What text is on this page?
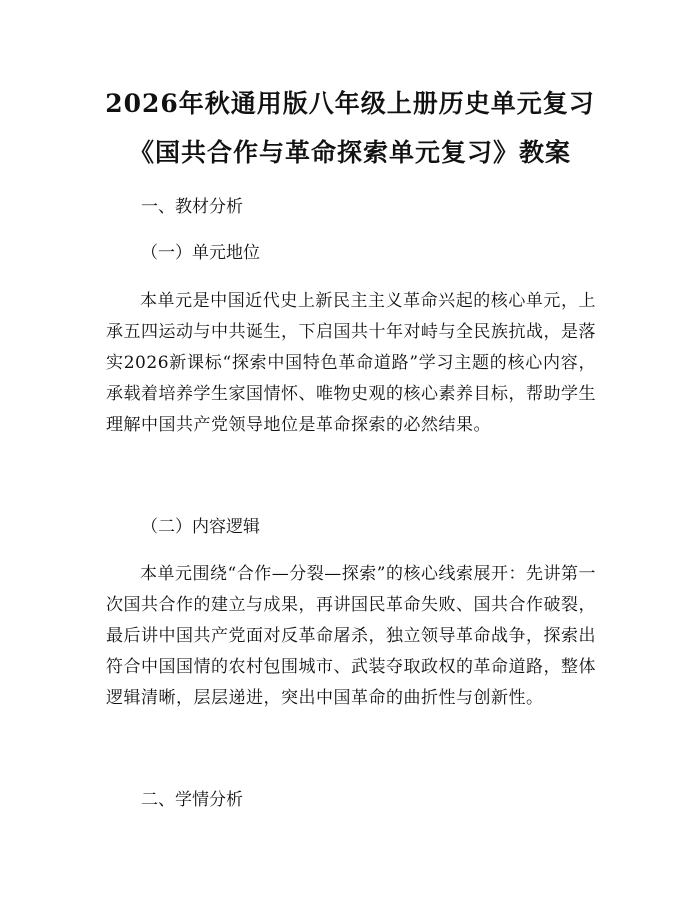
2026年秋通用版八年级上册历史单元复习
《国共合作与革命探索单元复习》教案
一、教材分析
（一）单元地位
本单元是中国近代史上新民主主义革命兴起的核心单元，上承五四运动与中共诞生，下启国共十年对峙与全民族抗战，是落实2026新课标“探索中国特色革命道路”学习主题的核心内容，承载着培养学生家国情怀、唯物史观的核心素养目标，帮助学生理解中国共产党领导地位是革命探索的必然结果。
（二）内容逻辑
本单元围绕“合作—分裂—探索”的核心线索展开：先讲第一次国共合作的建立与成果，再讲国民革命失败、国共合作破裂，最后讲中国共产党面对反革命屠杀，独立领导革命战争，探索出符合中国国情的农村包围城市、武装夺取政权的革命道路，整体逻辑清晰，层层递进，突出中国革命的曲折性与创新性。
二、学情分析
